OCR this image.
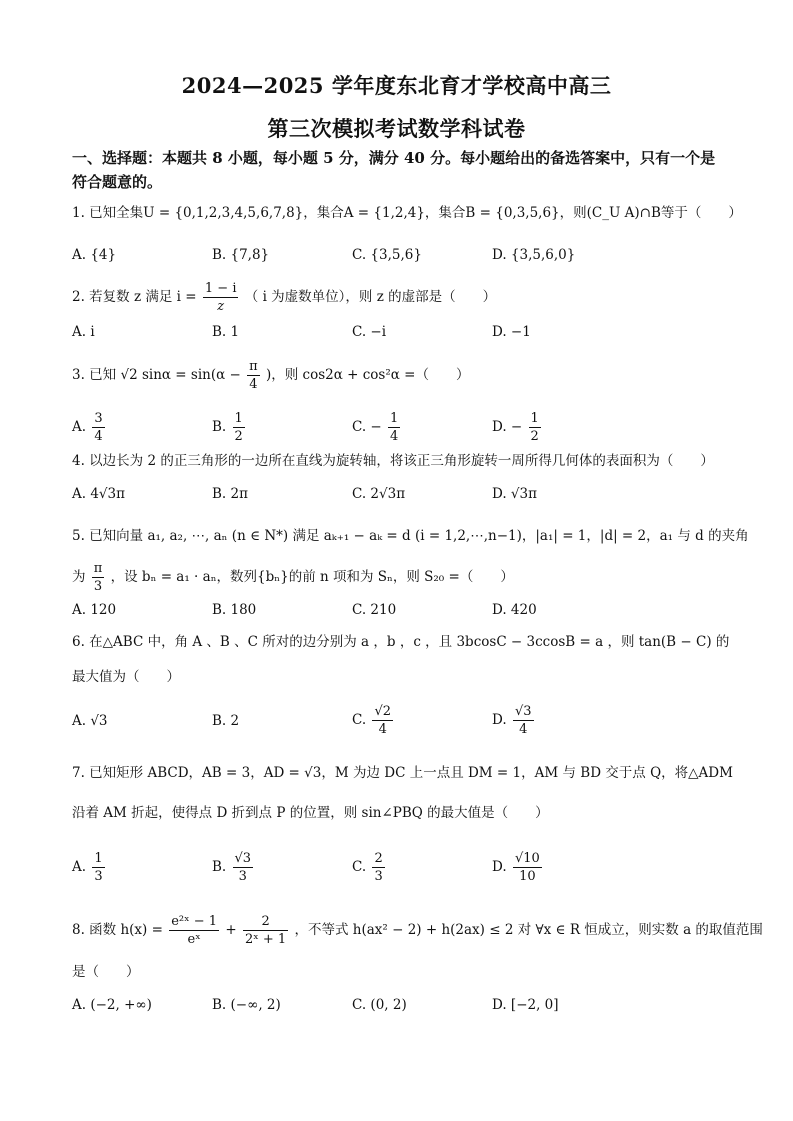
2024—2025 学年度东北育才学校高中高三
第三次模拟考试数学科试卷
一、选择题：本题共 8 小题，每小题 5 分，满分 40 分。每小题给出的备选答案中，只有一个是符合题意的。
1. 已知全集U = {0,1,2,3,4,5,6,7,8}，集合A = {1,2,4}，集合B = {0,3,5,6}，则(C_U A)∩B等于（　　）
A. {4}	B. {7,8}	C. {3,5,6}	D. {3,5,6,0}
2. 若复数 z 满足 $i = \frac{1 - i}{z}$ （ i 为虚数单位），则 z 的虚部是（　　）
A. i	B. 1	C. −i	D. −1
3. 已知 √2 $\sin\alpha = \sin(\alpha - \frac{\pi}{4}$ )，则 cos2α + cos²α =（　　）
A. $\frac{3}{4}$	B. $\frac{1}{2}$	C. − $\frac{1}{4}$	D. − $\frac{1}{2}$
4. 以边长为 2 的正三角形的一边所在直线为旋转轴，将该正三角形旋转一周所得几何体的表面积为（　　）
A. 4√3π	B. 2π	C. 2√3π	D. √3π
5. 已知向量 a₁, a₂, ⋯, aₙ (n ∈ N*) 满足 aₖ₊₁ − aₖ = d (i = 1,2,⋯,n−1)，|a₁| = 1，|d| = 2，a₁ 与 d 的夹角
为 $\frac{\pi}{3}$ ，设 bₙ = a₁ · aₙ，数列{bₙ}的前 n 项和为 Sₙ，则 S₂₀ =（　　）
A. 120	B. 180	C. 210	D. 420
6. 在△ABC 中，角 A 、B 、C 所对的边分别为 a ，b ，c ，且 3bcosC − 3ccosB = a ，则 tan(B − C) 的
最大值为（　　）
A. √3	B. 2	C. $\frac{√2}{4}$	D. $\frac{√3}{4}$
7. 已知矩形 ABCD，AB = 3，AD = √3，M 为边 DC 上一点且 DM = 1，AM 与 BD 交于点 Q，将△ADM
沿着 AM 折起，使得点 D 折到点 P 的位置，则 sin∠PBQ 的最大值是（　　）
A. $\frac{1}{3}$	B. $\frac{√3}{3}$	C. $\frac{2}{3}$	D. $\frac{√10}{10}$
8. 函数 $h(x) = \frac{\text{e²ˣ − 1}}{\text{eˣ}} + \frac{2}{\text{2ˣ + 1}}$ ，不等式 h(ax² − 2) + h(2ax) ≤ 2 对 ∀x ∈ R 恒成立，则实数 a 的取值范围
是（　　）
A. (−2, +∞)	B. (−∞, 2)	C. (0, 2)	D. [−2, 0]
